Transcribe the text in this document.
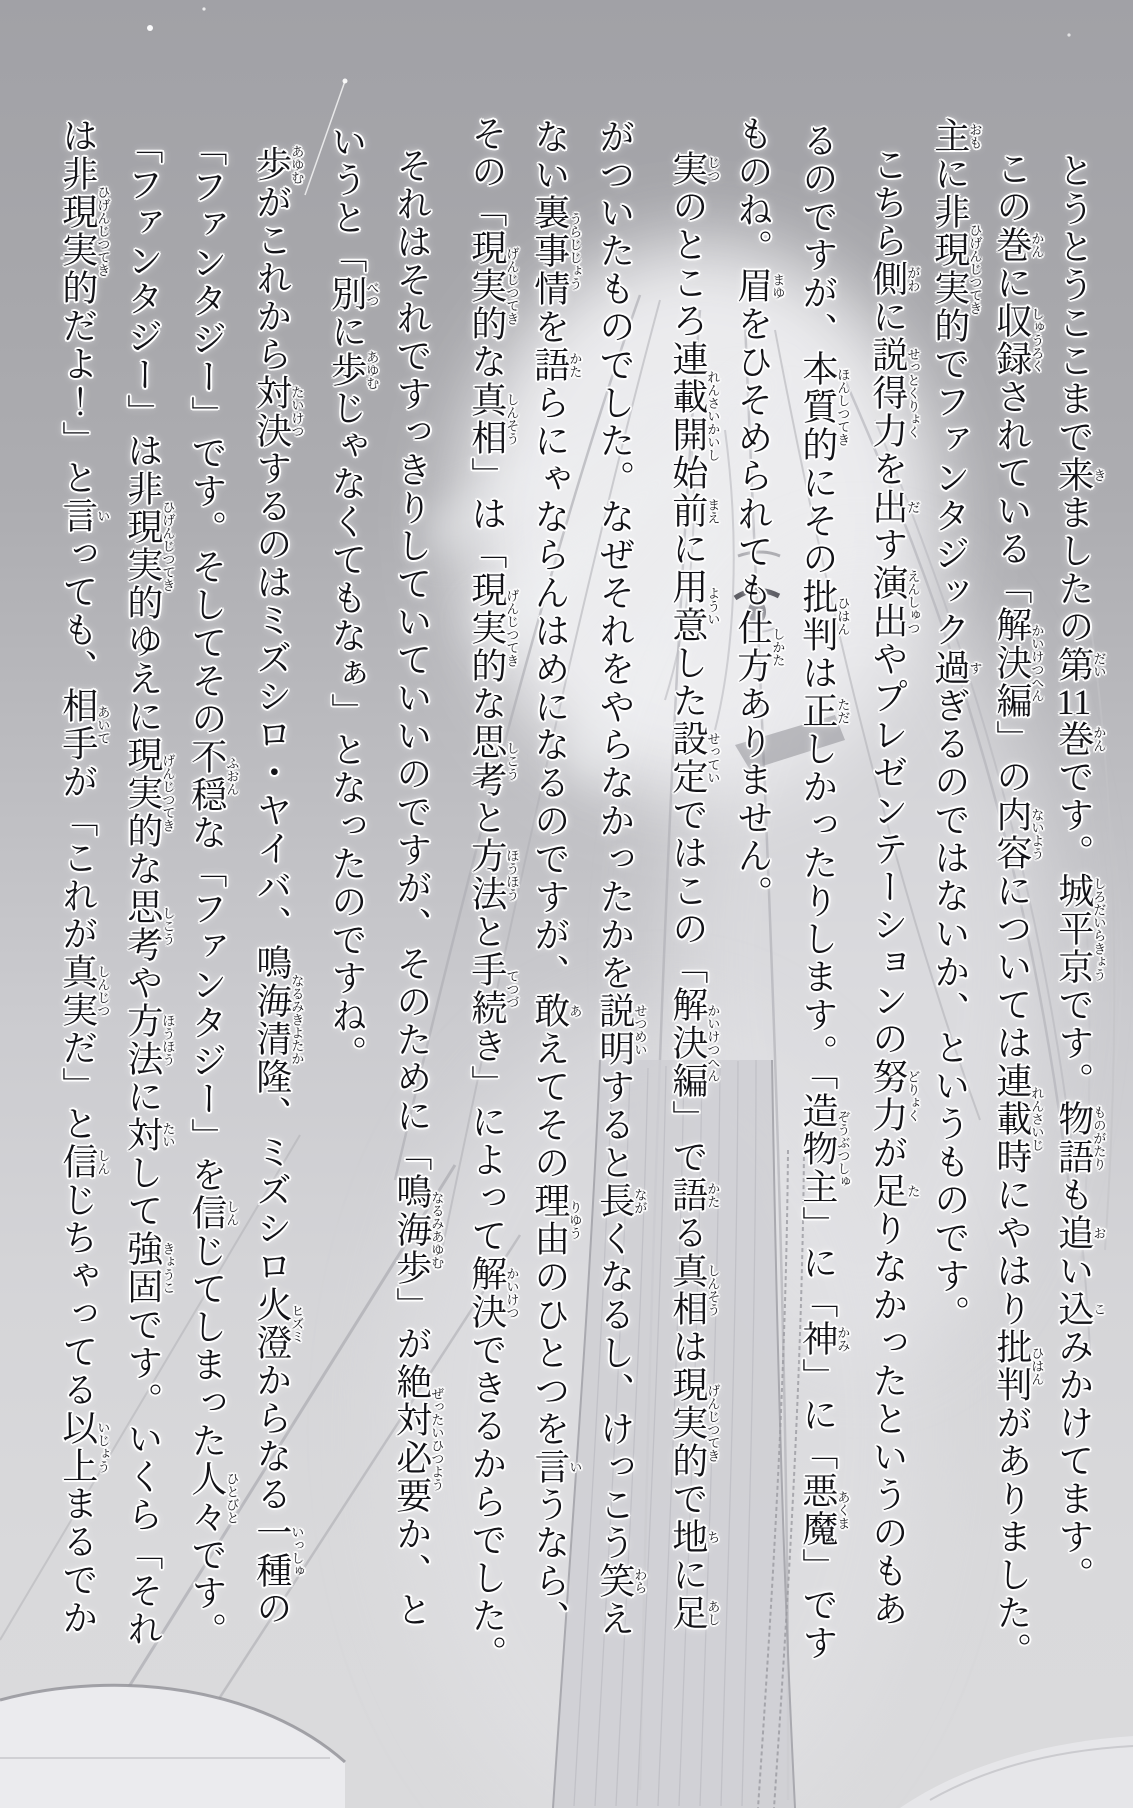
とうとうここまで来きましたの第だい11巻かんです。城平京しろだいらきょうです。物語ものがたりも追おい込こみかけてます。
この巻かんに収録しゅうろくされている「解決編かいけつへん」の内容ないようについては連載時れんさいじにやはり批判ひはんがありました。
主おもに非現実的ひげんじつてきでファンタジック過すぎるのではないか、というものです。
こちら側がわに説得力せっとくりょくを出だす演出えんしゅつやプレゼンテーションの努力どりょくが足たりなかったというのもあ
るのですが、本質的ほんしつてきにその批判ひはんは正ただしかったりします。「造物主ぞうぶつしゅ」に「神かみ」に「悪魔あくま」です
ものね。眉まゆをひそめられても仕方しかたありません。
実じつのところ連載開始れんさいかいし前まえに用意よういした設定せっていではこの「解決編かいけつへん」で語かたる真相しんそうは現実的げんじつてきで地ちに足あし
がついたものでした。なぜそれをやらなかったかを説明せつめいすると長ながくなるし、けっこう笑わらえ
ない裏事情うらじじょうを語かたらにゃならんはめになるのですが、敢あえてその理由りゆうのひとつを言いうなら、
その「現実的げんじつてきな真相しんそう」は「現実的げんじつてきな思考しこうと方法ほうほうと手続てつづき」によって解決かいけつできるからでした。
それはそれですっきりしていていいのですが、そのために「鳴海歩なるみあゆむ」が絶対必要ぜったいひつようか、と
いうと「別べつに歩あゆむじゃなくてもなぁ」となったのですね。
歩あゆむがこれから対決たいけつするのはミズシロ・ヤイバ、鳴海清隆なるみきよたか、ミズシロ火澄ヒズミからなる一種いっしゅの
「ファンタジー」です。そしてその不穏ふおんな「ファンタジー」を信しんじてしまった人々ひとびとです。
「ファンタジー」は非現実的ひげんじつてきゆえに現実的げんじつてきな思考しこうや方法ほうほうに対たいして強固きょうこです。いくら「それ
は非現実的ひげんじつてきだよ！」と言いっても、相手あいてが「これが真実しんじつだ」と信しんじちゃってる以上いじょうまるでか
